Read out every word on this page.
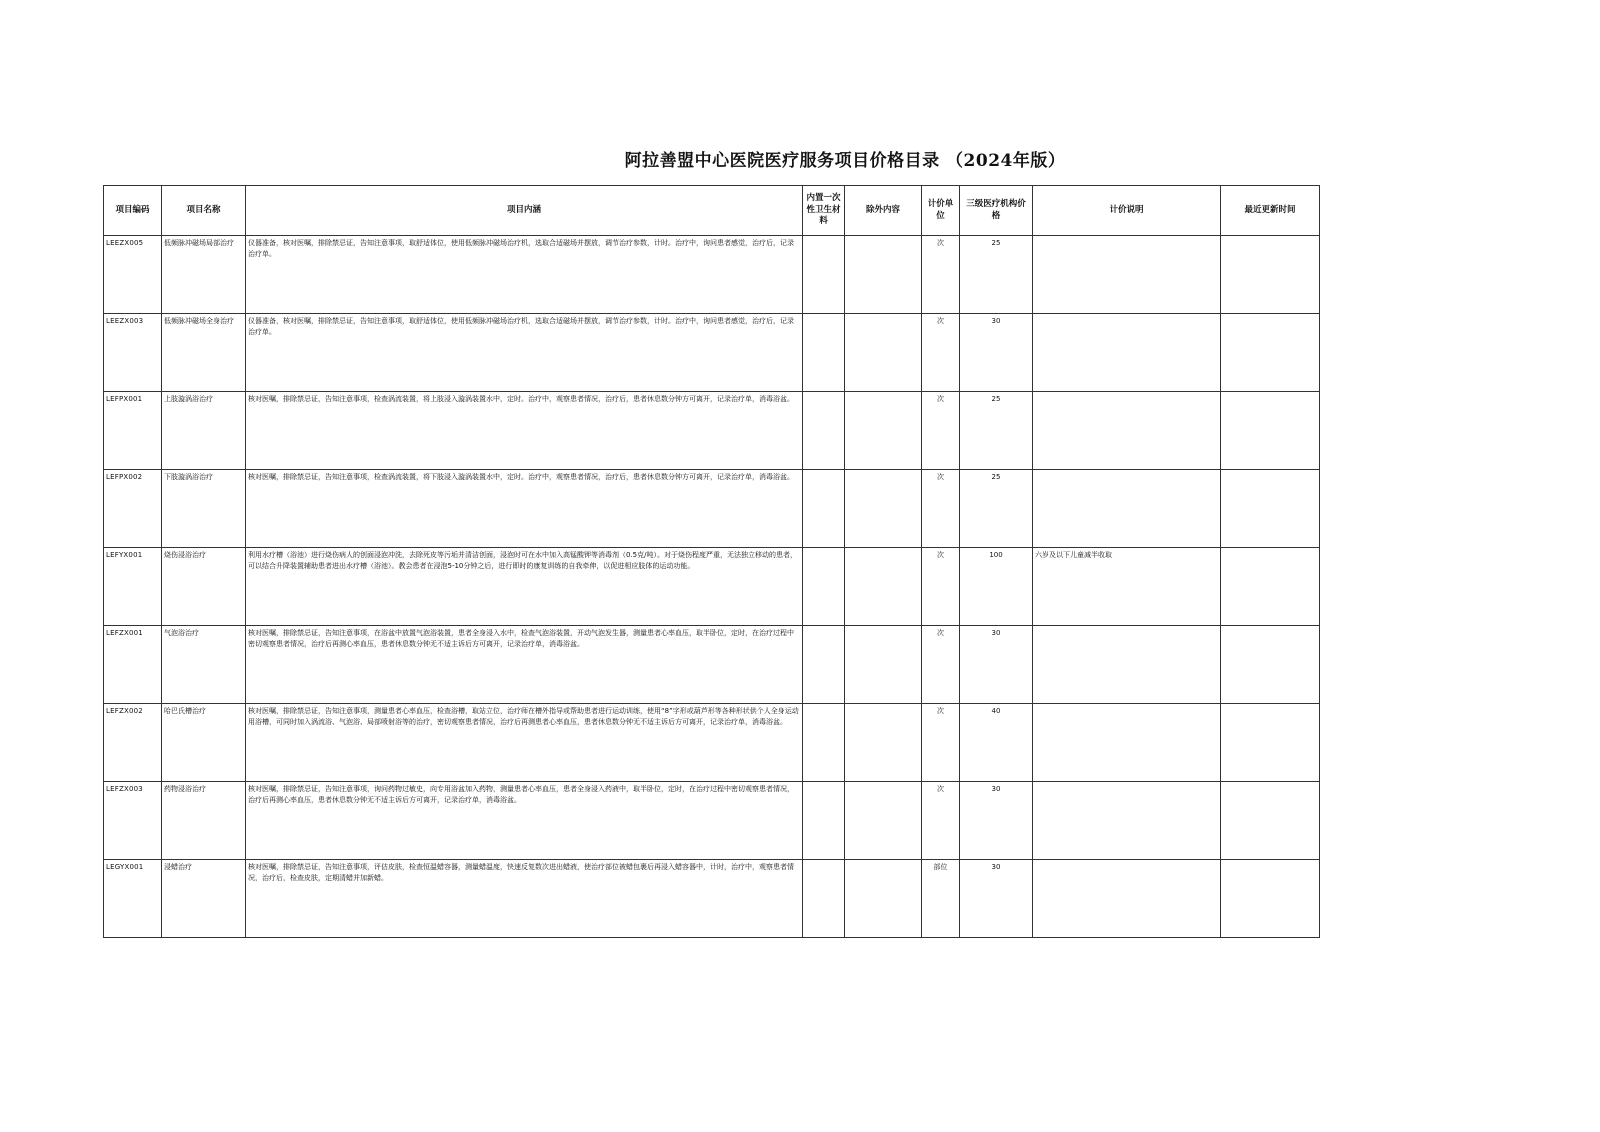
阿拉善盟中心医院医疗服务项目价格目录 （2024年版）
项目编码	项目名称	项目内涵	内置一次性卫生材料	除外内容	计价单位	三级医疗机构价格	计价说明	最近更新时间
LEEZX005	低频脉冲磁场局部治疗	仪器准备，核对医嘱，排除禁忌证，告知注意事项，取舒适体位，使用低频脉冲磁场治疗机，选取合适磁场并摆放，调节治疗参数，计时。治疗中，询问患者感觉，治疗后，记录治疗单。			次	25		
LEEZX003	低频脉冲磁场全身治疗	仪器准备，核对医嘱，排除禁忌证，告知注意事项，取舒适体位，使用低频脉冲磁场治疗机，选取合适磁场并摆放，调节治疗参数，计时。治疗中，询问患者感觉，治疗后，记录治疗单。			次	30		
LEFPX001	上肢漩涡浴治疗	核对医嘱，排除禁忌证，告知注意事项，检查涡流装置，将上肢浸入漩涡装置水中，定时。治疗中，观察患者情况，治疗后，患者休息数分钟方可离开，记录治疗单，消毒浴盆。			次	25		
LEFPX002	下肢漩涡浴治疗	核对医嘱，排除禁忌证，告知注意事项，检查涡流装置，将下肢浸入漩涡装置水中，定时。治疗中，观察患者情况，治疗后，患者休息数分钟方可离开，记录治疗单，消毒浴盆。			次	25		
LEFYX001	烧伤浸浴治疗	利用水疗槽（浴池）进行烧伤病人的创面浸泡冲洗，去除死皮等污垢并清洁创面，浸泡时可在水中加入高锰酸钾等消毒剂（0.5克/吨）。对于烧伤程度严重，无法独立移动的患者，可以结合升降装置辅助患者进出水疗槽（浴池）。教会患者在浸泡5-10分钟之后，进行即时的康复训练的自我牵伸，以促进相应肢体的运动功能。			次	100	六岁及以下儿童减半收取	
LEFZX001	气泡浴治疗	核对医嘱，排除禁忌证，告知注意事项，在浴盆中放置气泡浴装置，患者全身浸入水中，检查气泡浴装置，开动气泡发生器，测量患者心率血压，取半卧位，定时，在治疗过程中密切观察患者情况，治疗后再测心率血压，患者休息数分钟无不适主诉后方可离开，记录治疗单，消毒浴盆。			次	30		
LEFZX002	哈巴氏槽治疗	核对医嘱，排除禁忌证，告知注意事项，测量患者心率血压，检查浴槽，取站立位，治疗师在槽外指导或帮助患者进行运动训练，使用“8”字形或葫芦形等各种形状供个人全身运动用浴槽，可同时加入涡流浴、气泡浴、局部喷射浴等的治疗，密切观察患者情况，治疗后再测患者心率血压，患者休息数分钟无不适主诉后方可离开，记录治疗单，消毒浴盆。			次	40		
LEFZX003	药物浸浴治疗	核对医嘱，排除禁忌证，告知注意事项，询问药物过敏史，向专用浴盆加入药物，测量患者心率血压，患者全身浸入药液中，取半卧位，定时，在治疗过程中密切观察患者情况，治疗后再测心率血压，患者休息数分钟无不适主诉后方可离开，记录治疗单，消毒浴盆。			次	30		
LEGYX001	浸蜡治疗	核对医嘱，排除禁忌证，告知注意事项，评估皮肤，检查恒温蜡容器，测量蜡温度，快速反复数次进出蜡液，使治疗部位被蜡包裹后再浸入蜡容器中，计时，治疗中，观察患者情况，治疗后，检查皮肤，定期清蜡并加新蜡。			部位	30		
